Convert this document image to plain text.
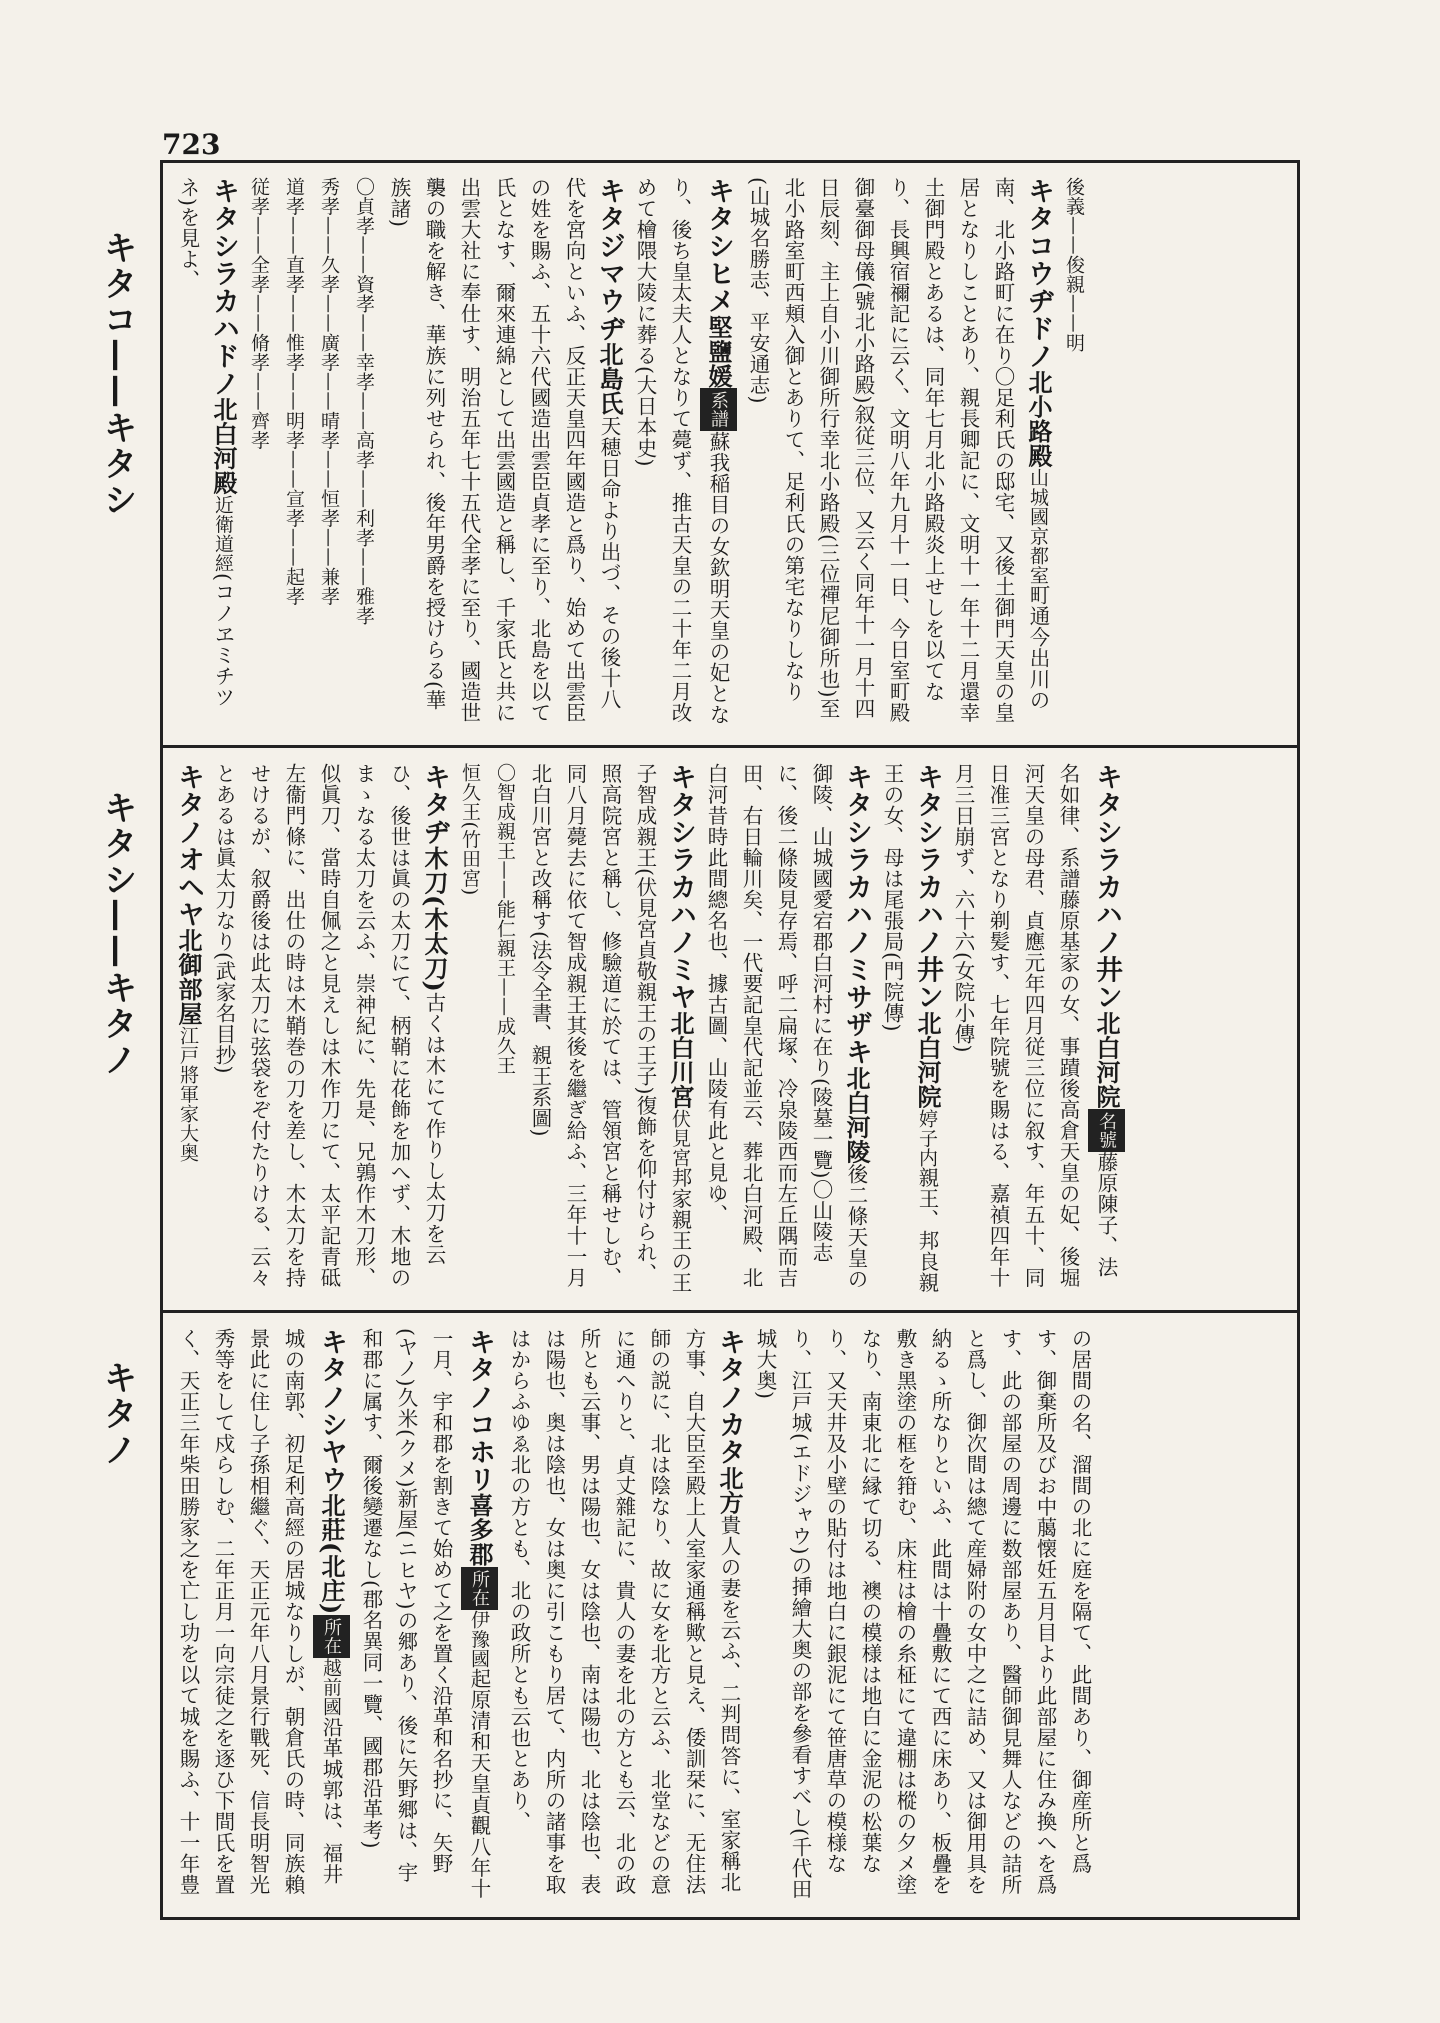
723
キタコ——キタシ
キタシ——キタノ
キタノ
後義——俊親——明
キタコウヂドノ北小路殿山城國京都室町通今出川の南、北小路町に在り〇足利氏の邸宅、又後土御門天皇の皇居となりしことあり、親長卿記に、文明十一年十二月還幸土御門殿とあるは、同年七月北小路殿炎上せしを以てなり、長興宿禰記に云く、文明八年九月十一日、今日室町殿御臺御母儀(號北小路殿)叙従三位、又云く同年十一月十四日辰刻、主上自小川御所行幸北小路殿(三位禪尼御所也)至北小路室町西頬入御とありて、足利氏の第宅なりしなり(山城名勝志、平安通志)
キタシヒメ堅鹽媛系譜蘇我稲目の女欽明天皇の妃となり、後ち皇太夫人となりて薨ず、推古天皇の二十年二月改めて檜隈大陵に葬る(大日本史)
キタジマウヂ北島氏天穂日命より出づ、その後十八代を宮向といふ、反正天皇四年國造と爲り、始めて出雲臣の姓を賜ふ、五十六代國造出雲臣貞孝に至り、北島を以て氏となす、爾來連綿として出雲國造と稱し、千家氏と共に出雲大社に奉仕す、明治五年七十五代全孝に至り、國造世襲の職を解き、華族に列せられ、後年男爵を授けらる(華族諸)
〇貞孝——資孝——幸孝——高孝——利孝——雅孝
秀孝——久孝——廣孝——晴孝——恒孝——兼孝
道孝——直孝——惟孝——明孝——宣孝——起孝
従孝——全孝——脩孝——齊孝
キタシラカハドノ北白河殿近衛道經(コノヱミチツネ)を見よ、
キタシラカハノ井ン北白河院名號藤原陳子、法名如律、系譜藤原基家の女、事蹟後高倉天皇の妃、後堀河天皇の母君、貞應元年四月従三位に叙す、年五十、同日准三宮となり剃髪す、七年院號を賜はる、嘉禎四年十月三日崩ず、六十六(女院小傳)
キタシラカハノ井ン北白河院婷子内親王、邦良親王の女、母は尾張局(門院傳)
キタシラカハノミサザキ北白河陵後二條天皇の御陵、山城國愛宕郡白河村に在り(陵墓一覽)〇山陵志に、後二條陵見存焉、呼二扁塚、冷泉陵西而左丘隅而吉田、右日輪川矣、一代要記皇代記並云、葬北白河殿、北白河昔時此間總名也、據古圖、山陵有此と見ゆ、
キタシラカハノミヤ北白川宮伏見宮邦家親王の王子智成親王(伏見宮貞敬親王の王子)復飾を仰付けられ、照高院宮と稱し、修驗道に於ては、管領宮と稱せしむ、同八月薨去に依て智成親王其後を繼ぎ給ふ、三年十一月北白川宮と改稱す(法令全書、親王系圖)
〇智成親王——能仁親王——成久王
恒久王(竹田宮)
キタヂ木刀(木太刀)古くは木にて作りし太刀を云ひ、後世は眞の太刀にて、柄鞘に花飾を加へず、木地のまゝなる太刀を云ふ、崇神紀に、先是、兄鶉作木刀形、似眞刀、當時自佩之と見えしは木作刀にて、太平記青砥左衞門條に、出仕の時は木鞘巻の刀を差し、木太刀を持せけるが、叙爵後は此太刀に弦袋をぞ付たりける、云々とあるは眞太刀なり(武家名目抄)
キタノオヘヤ北御部屋江戸將軍家大奥
の居間の名、溜間の北に庭を隔て、此間あり、御産所と爲す、御棄所及びお中﨟懐妊五月目より此部屋に住み換へを爲す、此の部屋の周邊に数部屋あり、醫師御見舞人などの詰所と爲し、御次間は總て産婦附の女中之に詰め、又は御用具を納るゝ所なりといふ、此間は十疊敷にて西に床あり、板疊を敷き黑塗の框を箝む、床柱は檜の糸柾にて違棚は樅の夕メ塗なり、南東北に縁て切る、襖の模様は地白に金泥の松葉なり、又天井及小壁の貼付は地白に銀泥にて笹唐草の模様なり、江戸城(エドジャウ)の挿繪大奥の部を參看すべし(千代田城大奥)
キタノカタ北方貴人の妻を云ふ、二判問答に、室家稱北方事、自大臣至殿上人室家通稱歟と見え、倭訓栞に、无住法師の説に、北は陰なり、故に女を北方と云ふ、北堂などの意に通へりと、貞丈雜記に、貴人の妻を北の方とも云、北の政所とも云事、男は陽也、女は陰也、南は陽也、北は陰也、表は陽也、奥は陰也、女は奥に引こもり居て、内所の諸事を取はからふゆゑ北の方とも、北の政所とも云也とあり、
キタノコホリ喜多郡所在伊豫國起原清和天皇貞觀八年十一月、宇和郡を割きて始めて之を置く沿革和名抄に、矢野(ヤノ)久米(クメ)新屋(ニヒヤ)の郷あり、後に矢野郷は、宇和郡に属す、爾後變遷なし(郡名異同一覽、國郡沿革考)
キタノシヤウ北莊(北庄)所在越前國沿革城郭は、福井城の南郭、初足利高經の居城なりしが、朝倉氏の時、同族賴景此に住し子孫相繼ぐ、天正元年八月景行戰死、信長明智光秀等をして戍らしむ、二年正月一向宗徒之を逐ひ下間氏を置く、天正三年柴田勝家之を亡し功を以て城を賜ふ、十一年豊
